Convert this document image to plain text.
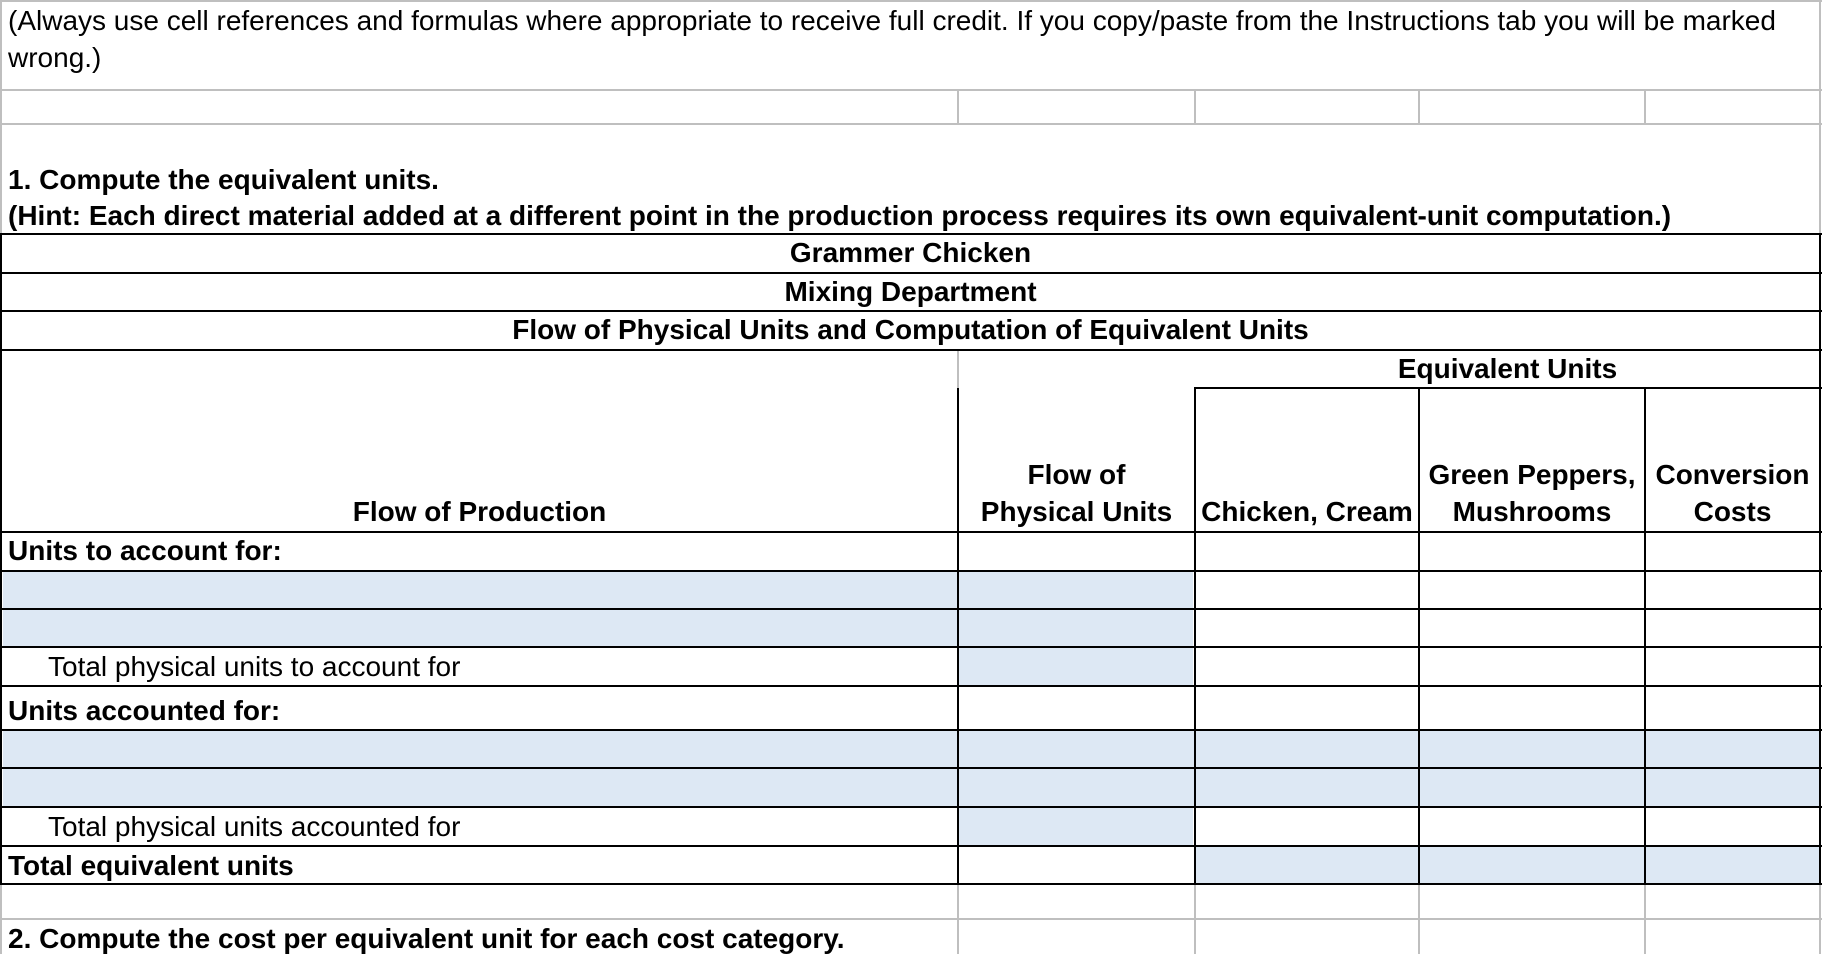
(Always use cell references and formulas where appropriate to receive full credit. If you copy/paste from the Instructions tab you will be marked
wrong.)
1. Compute the equivalent units.
(Hint: Each direct material added at a different point in the production process requires its own equivalent-unit computation.)
Grammer Chicken
Mixing Department
Flow of Physical Units and Computation of Equivalent Units
Equivalent Units
Flow of Production
Flow of
Physical Units	Chicken, Cream
Green Peppers,
Mushrooms
Conversion
Costs
Units to account for:
Total physical units to account for
Units accounted for:
Total physical units accounted for
Total equivalent units
2. Compute the cost per equivalent unit for each cost category.
